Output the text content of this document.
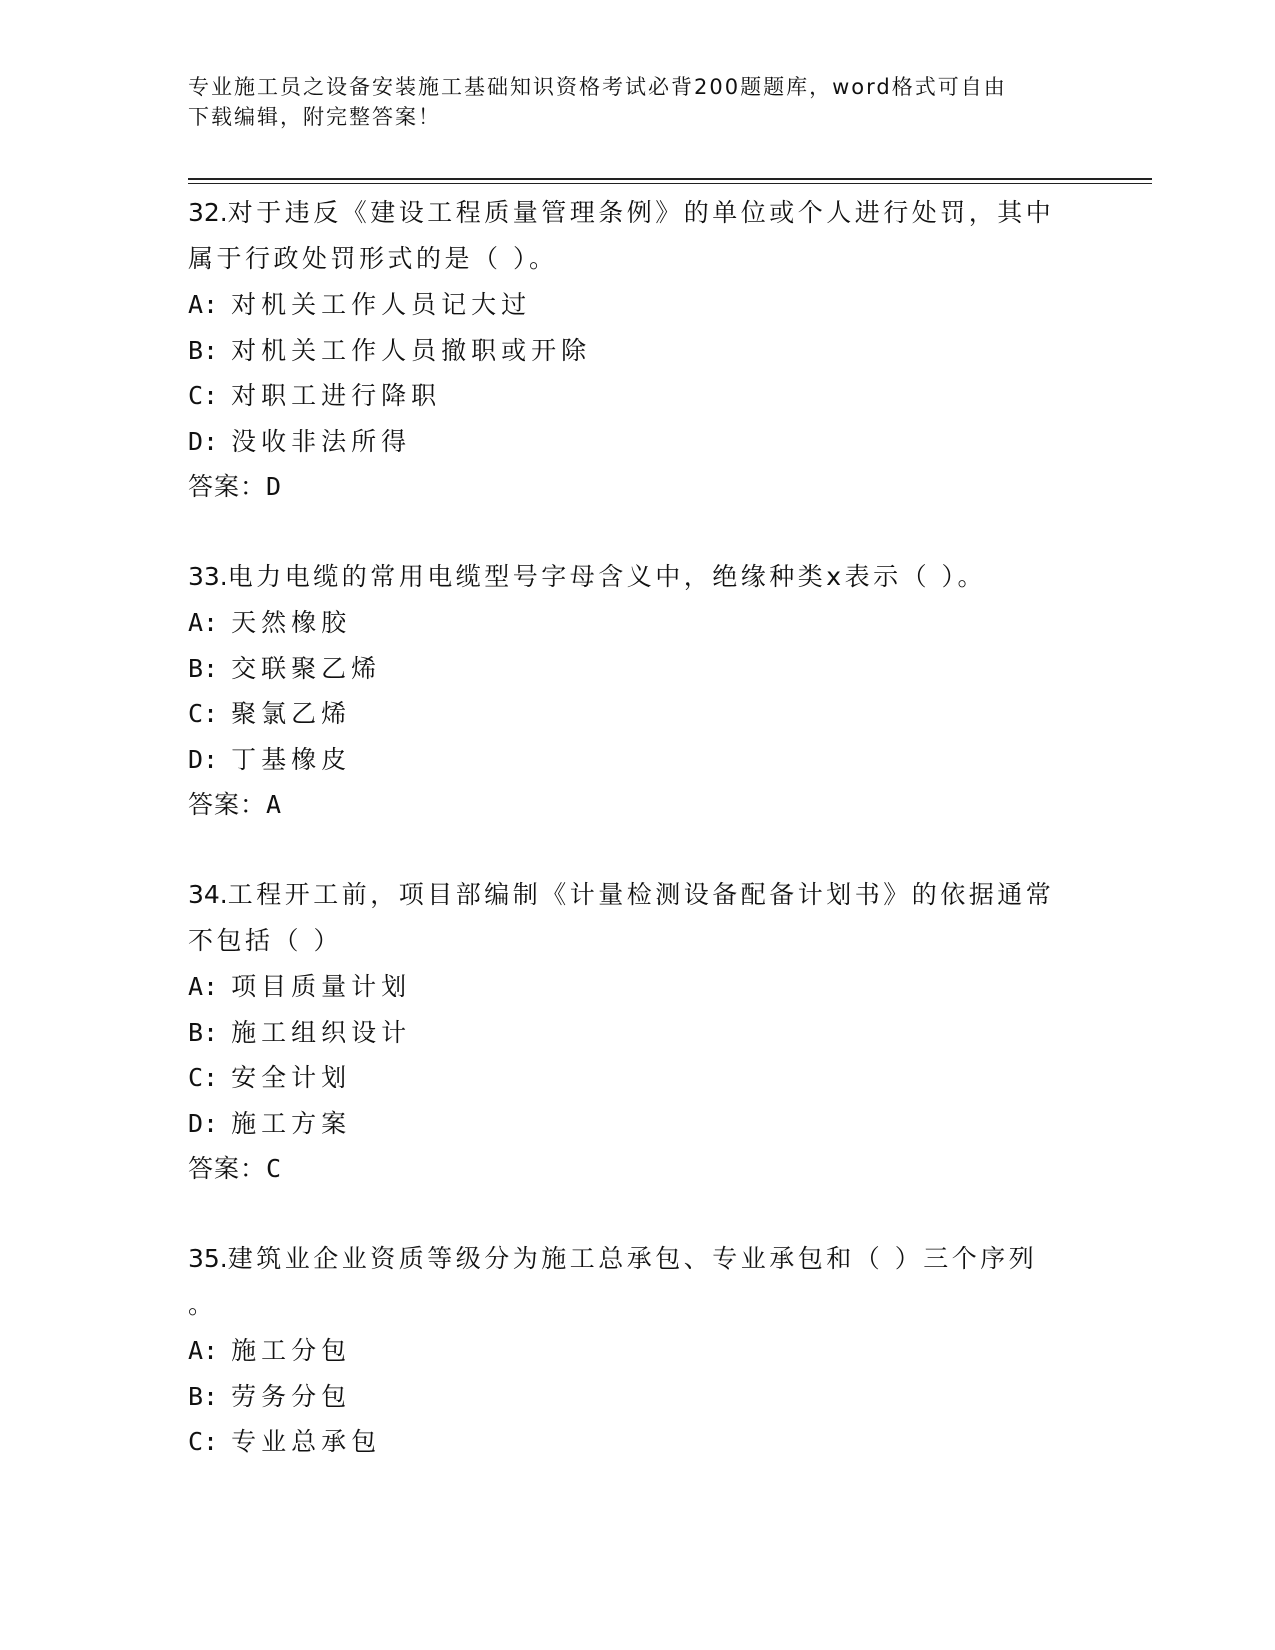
专业施工员之设备安装施工基础知识资格考试必背200题题库，word格式可自由
下载编辑，附完整答案！
32.对于违反《建设工程质量管理条例》的单位或个人进行处罚，其中
属于行政处罚形式的是（ ）。
A: 对机关工作人员记大过
B: 对机关工作人员撤职或开除
C: 对职工进行降职
D: 没收非法所得
答案：D
33.电力电缆的常用电缆型号字母含义中，绝缘种类x表示（ ）。
A: 天然橡胶
B: 交联聚乙烯
C: 聚氯乙烯
D: 丁基橡皮
答案：A
34.工程开工前，项目部编制《计量检测设备配备计划书》的依据通常
不包括（ ）
A: 项目质量计划
B: 施工组织设计
C: 安全计划
D: 施工方案
答案：C
35.建筑业企业资质等级分为施工总承包、专业承包和（ ）三个序列
。
A: 施工分包
B: 劳务分包
C: 专业总承包
